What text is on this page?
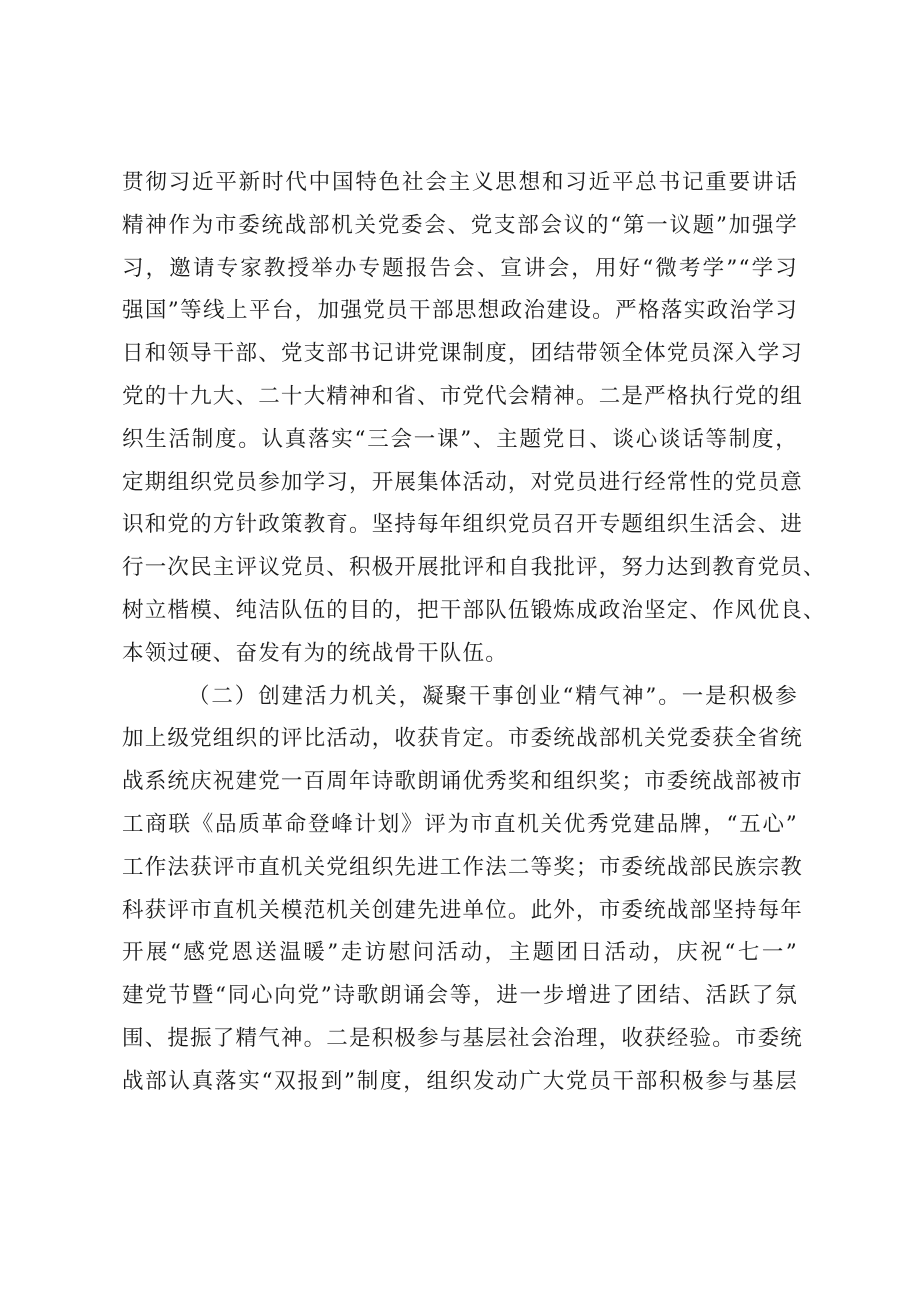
贯彻习近平新时代中国特色社会主义思想和习近平总书记重要讲话
精神作为市委统战部机关党委会、党支部会议的“第一议题”加强学
习，邀请专家教授举办专题报告会、宣讲会，用好“微考学”“学习
强国”等线上平台，加强党员干部思想政治建设。严格落实政治学习
日和领导干部、党支部书记讲党课制度，团结带领全体党员深入学习
党的十九大、二十大精神和省、市党代会精神。二是严格执行党的组
织生活制度。认真落实“三会一课”、主题党日、谈心谈话等制度，
定期组织党员参加学习，开展集体活动，对党员进行经常性的党员意
识和党的方针政策教育。坚持每年组织党员召开专题组织生活会、进
行一次民主评议党员、积极开展批评和自我批评，努力达到教育党员、
树立楷模、纯洁队伍的目的，把干部队伍锻炼成政治坚定、作风优良、
本领过硬、奋发有为的统战骨干队伍。
（二）创建活力机关，凝聚干事创业“精气神”。一是积极参
加上级党组织的评比活动，收获肯定。市委统战部机关党委获全省统
战系统庆祝建党一百周年诗歌朗诵优秀奖和组织奖；市委统战部被市
工商联《品质革命登峰计划》评为市直机关优秀党建品牌，“五心”
工作法获评市直机关党组织先进工作法二等奖；市委统战部民族宗教
科获评市直机关模范机关创建先进单位。此外，市委统战部坚持每年
开展“感党恩送温暖”走访慰问活动，主题团日活动，庆祝“七一”
建党节暨“同心向党”诗歌朗诵会等，进一步增进了团结、活跃了氛
围、提振了精气神。二是积极参与基层社会治理，收获经验。市委统
战部认真落实“双报到”制度，组织发动广大党员干部积极参与基层
